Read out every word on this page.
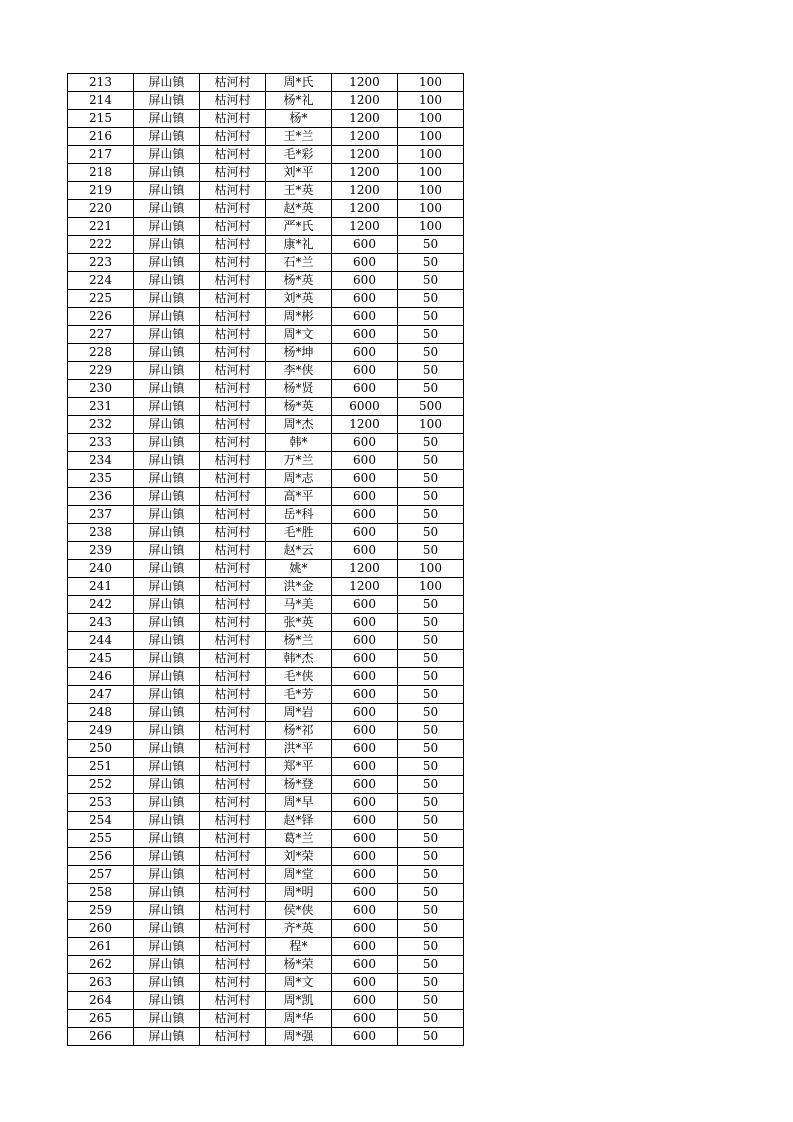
213	屏山镇	枯河村	周*氏	1200	100
214	屏山镇	枯河村	杨*礼	1200	100
215	屏山镇	枯河村	杨*	1200	100
216	屏山镇	枯河村	王*兰	1200	100
217	屏山镇	枯河村	毛*彩	1200	100
218	屏山镇	枯河村	刘*平	1200	100
219	屏山镇	枯河村	王*英	1200	100
220	屏山镇	枯河村	赵*英	1200	100
221	屏山镇	枯河村	严*氏	1200	100
222	屏山镇	枯河村	康*礼	600	50
223	屏山镇	枯河村	石*兰	600	50
224	屏山镇	枯河村	杨*英	600	50
225	屏山镇	枯河村	刘*英	600	50
226	屏山镇	枯河村	周*彬	600	50
227	屏山镇	枯河村	周*文	600	50
228	屏山镇	枯河村	杨*坤	600	50
229	屏山镇	枯河村	李*侠	600	50
230	屏山镇	枯河村	杨*贤	600	50
231	屏山镇	枯河村	杨*英	6000	500
232	屏山镇	枯河村	周*杰	1200	100
233	屏山镇	枯河村	韩*	600	50
234	屏山镇	枯河村	万*兰	600	50
235	屏山镇	枯河村	周*志	600	50
236	屏山镇	枯河村	高*平	600	50
237	屏山镇	枯河村	岳*科	600	50
238	屏山镇	枯河村	毛*胜	600	50
239	屏山镇	枯河村	赵*云	600	50
240	屏山镇	枯河村	姚*	1200	100
241	屏山镇	枯河村	洪*金	1200	100
242	屏山镇	枯河村	马*美	600	50
243	屏山镇	枯河村	张*英	600	50
244	屏山镇	枯河村	杨*兰	600	50
245	屏山镇	枯河村	韩*杰	600	50
246	屏山镇	枯河村	毛*侠	600	50
247	屏山镇	枯河村	毛*芳	600	50
248	屏山镇	枯河村	周*岩	600	50
249	屏山镇	枯河村	杨*祁	600	50
250	屏山镇	枯河村	洪*平	600	50
251	屏山镇	枯河村	郑*平	600	50
252	屏山镇	枯河村	杨*登	600	50
253	屏山镇	枯河村	周*早	600	50
254	屏山镇	枯河村	赵*铎	600	50
255	屏山镇	枯河村	葛*兰	600	50
256	屏山镇	枯河村	刘*荣	600	50
257	屏山镇	枯河村	周*堂	600	50
258	屏山镇	枯河村	周*明	600	50
259	屏山镇	枯河村	侯*侠	600	50
260	屏山镇	枯河村	齐*英	600	50
261	屏山镇	枯河村	程*	600	50
262	屏山镇	枯河村	杨*荣	600	50
263	屏山镇	枯河村	周*文	600	50
264	屏山镇	枯河村	周*凯	600	50
265	屏山镇	枯河村	周*华	600	50
266	屏山镇	枯河村	周*强	600	50
